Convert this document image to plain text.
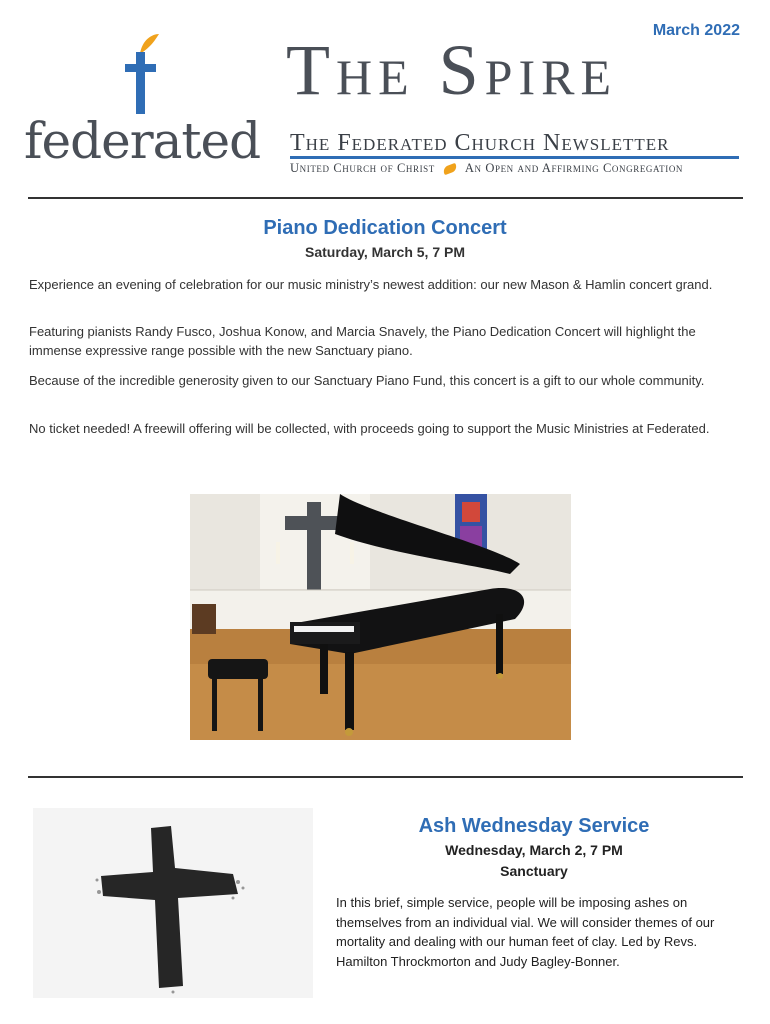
March 2022
federated
The Spire
The Federated Church Newsletter
United Church of Christ An Open and Affirming Congregation
Piano Dedication Concert
Saturday, March 5, 7 PM
Experience an evening of celebration for our music ministry’s newest addition: our new Mason & Hamlin concert grand.
Featuring pianists Randy Fusco, Joshua Konow, and Marcia Snavely, the Piano Dedication Concert will highlight the immense expressive range possible with the new Sanctuary piano.
Because of the incredible generosity given to our Sanctuary Piano Fund, this concert is a gift to our whole community.
No ticket needed! A freewill offering will be collected, with proceeds going to support the Music Ministries at Federated.
Ash Wednesday Service
Wednesday, March 2, 7 PM
Sanctuary
In this brief, simple service, people will be imposing ashes on themselves from an individual vial. We will consider themes of our mortality and dealing with our human feet of clay. Led by Revs. Hamilton Throckmorton and Judy Bagley-Bonner.
